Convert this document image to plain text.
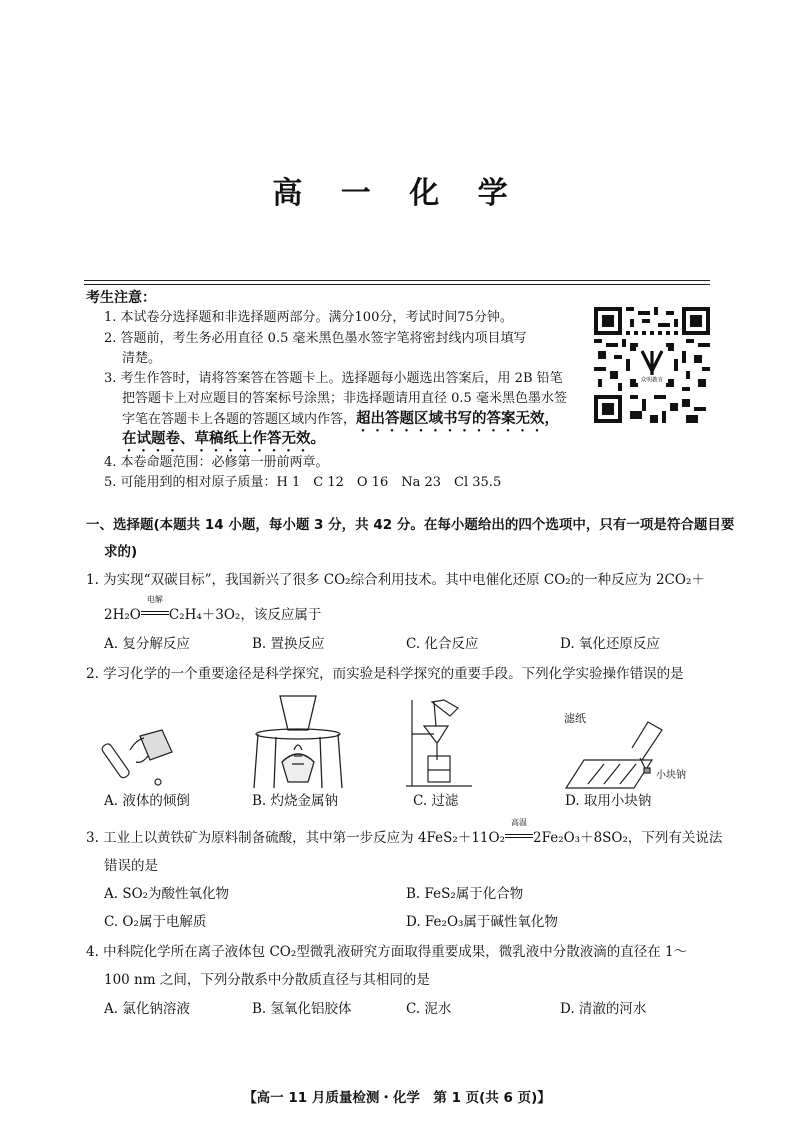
高 一 化 学
考生注意：
1. 本试卷分选择题和非选择题两部分。满分100分，考试时间75分钟。
2. 答题前，考生务必用直径 0.5 毫米黑色墨水签字笔将密封线内项目填写
清楚。
3. 考生作答时，请将答案答在答题卡上。选择题每小题选出答案后，用 2B 铅笔
把答题卡上对应题目的答案标号涂黑；非选择题请用直径 0.5 毫米黑色墨水签
字笔在答题卡上各题的答题区域内作答，超出答题区域书写的答案无效，
在试题卷、草稿纸上作答无效。
4. 本卷命题范围：必修第一册前两章。
5. 可能用到的相对原子质量：H 1　C 12　O 16　Na 23　Cl 35.5
众明教育
一、选择题(本题共 14 小题，每小题 3 分，共 42 分。在每小题给出的四个选项中，只有一项是符合题目要
求的)
1. 为实现“双碳目标”，我国新兴了很多 CO₂综合利用技术。其中电催化还原 CO₂的一种反应为 2CO₂＋
2H₂O
电解
C₂H₄＋3O₂，该反应属于
A. 复分解反应	B. 置换反应	C. 化合反应	D. 氧化还原反应
2. 学习化学的一个重要途径是科学探究，而实验是科学探究的重要手段。下列化学实验操作错误的是
滤纸
小块钠
A. 液体的倾倒	B. 灼烧金属钠	C. 过滤	D. 取用小块钠
3. 工业上以黄铁矿为原料制备硫酸，其中第一步反应为 4FeS₂＋11O₂
高温
2Fe₂O₃＋8SO₂，下列有关说法
错误的是
A. SO₂为酸性氧化物	B. FeS₂属于化合物
C. O₂属于电解质	D. Fe₂O₃属于碱性氧化物
4. 中科院化学所在离子液体包 CO₂型微乳液研究方面取得重要成果，微乳液中分散液滴的直径在 1～
100 nm 之间，下列分散系中分散质直径与其相同的是
A. 氯化钠溶液	B. 氢氧化铝胶体	C. 泥水	D. 清澈的河水
【高一 11 月质量检测・化学　第 1 页(共 6 页)】
